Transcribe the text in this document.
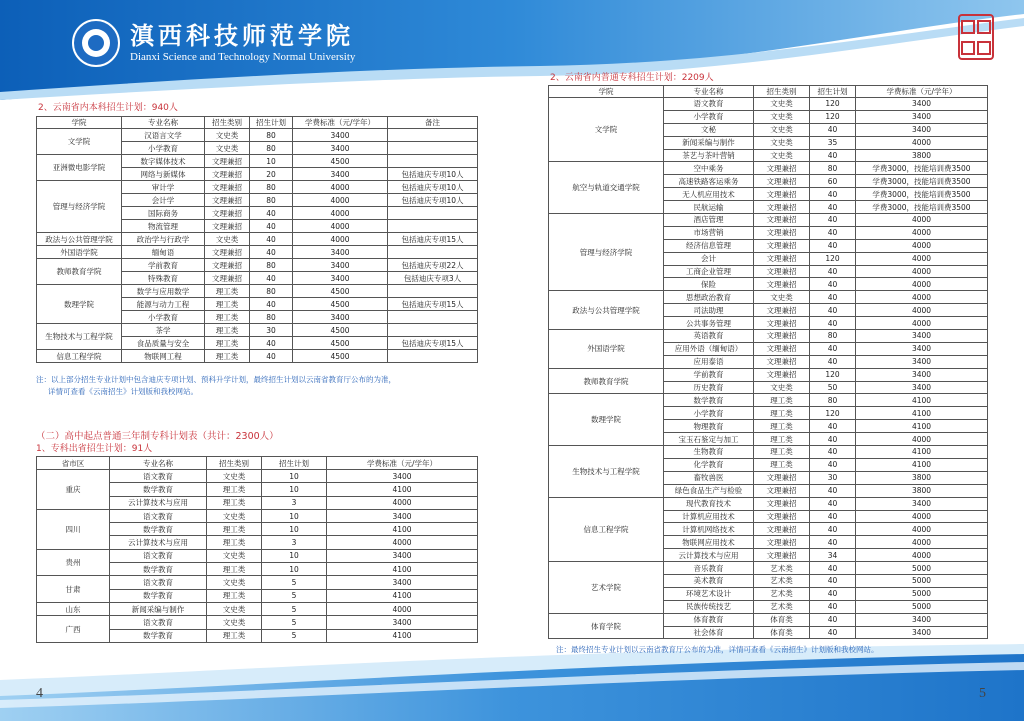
滇西科技师范学院
Dianxi Science and Technology Normal University
2、云南省内本科招生计划：940人
学院	专业名称	招生类别	招生计划	学费标准（元/学年）	备注
文学院	汉语言文学	文史类	80	3400	
	小学教育	文史类	80	3400	
亚洲微电影学院	数字媒体技术	文理兼招	10	4500	
	网络与新媒体	文理兼招	20	3400	包括迪庆专项10人
管理与经济学院	审计学	文理兼招	80	4000	包括迪庆专项10人
	会计学	文理兼招	80	4000	包括迪庆专项10人
	国际商务	文理兼招	40	4000	
	物流管理	文理兼招	40	4000	
政法与公共管理学院	政治学与行政学	文史类	40	4000	包括迪庆专项15人
外国语学院	缅甸语	文理兼招	40	3400	
教师教育学院	学前教育	文理兼招	80	3400	包括迪庆专项22人
	特殊教育	文理兼招	40	3400	包括迪庆专项3人
数理学院	数学与应用数学	理工类	80	4500	
	能源与动力工程	理工类	40	4500	包括迪庆专项15人
	小学教育	理工类	80	3400	
生物技术与工程学院	茶学	理工类	30	4500	
	食品质量与安全	理工类	40	4500	包括迪庆专项15人
信息工程学院	物联网工程	理工类	40	4500	
注：以上部分招生专业计划中包含迪庆专项计划、预科升学计划，最终招生计划以云南省教育厅公布的为准，
详情可查看《云南招生》计划版和我校网站。
（二）高中起点普通三年制专科计划表（共计：2300人）
1、专科出省招生计划：91人
省市区	专业名称	招生类别	招生计划	学费标准（元/学年）
重庆	语文教育	文史类	10	3400
	数学教育	理工类	10	4100
	云计算技术与应用	理工类	3	4000
四川	语文教育	文史类	10	3400
	数学教育	理工类	10	4100
	云计算技术与应用	理工类	3	4000
贵州	语文教育	文史类	10	3400
	数学教育	理工类	10	4100
甘肃	语文教育	文史类	5	3400
	数学教育	理工类	5	4100
山东	新闻采编与制作	文史类	5	4000
广西	语文教育	文史类	5	3400
	数学教育	理工类	5	4100
2、云南省内普通专科招生计划：2209人
学院	专业名称	招生类别	招生计划	学费标准（元/学年）
文学院	语文教育	文史类	120	3400
	小学教育	文史类	120	3400
	文秘	文史类	40	3400
	新闻采编与制作	文史类	35	4000
	茶艺与茶叶营销	文史类	40	3800
航空与轨道交通学院	空中乘务	文理兼招	80	学费3000，技能培训费3500
	高速铁路客运乘务	文理兼招	60	学费3000，技能培训费3500
	无人机应用技术	文理兼招	40	学费3000，技能培训费3500
	民航运输	文理兼招	40	学费3000，技能培训费3500
管理与经济学院	酒店管理	文理兼招	40	4000
	市场营销	文理兼招	40	4000
	经济信息管理	文理兼招	40	4000
	会计	文理兼招	120	4000
	工商企业管理	文理兼招	40	4000
	保险	文理兼招	40	4000
政法与公共管理学院	思想政治教育	文史类	40	4000
	司法助理	文理兼招	40	4000
	公共事务管理	文理兼招	40	4000
外国语学院	英语教育	文理兼招	80	3400
	应用外语（缅甸语）	文理兼招	40	3400
	应用泰语	文理兼招	40	3400
教师教育学院	学前教育	文理兼招	120	3400
	历史教育	文史类	50	3400
数理学院	数学教育	理工类	80	4100
	小学教育	理工类	120	4100
	物理教育	理工类	40	4100
	宝玉石鉴定与加工	理工类	40	4000
生物技术与工程学院	生物教育	理工类	40	4100
	化学教育	理工类	40	4100
	畜牧兽医	文理兼招	30	3800
	绿色食品生产与检验	文理兼招	40	3800
信息工程学院	现代教育技术	文理兼招	40	3400
	计算机应用技术	文理兼招	40	4000
	计算机网络技术	文理兼招	40	4000
	物联网应用技术	文理兼招	40	4000
	云计算技术与应用	文理兼招	34	4000
艺术学院	音乐教育	艺术类	40	5000
	美术教育	艺术类	40	5000
	环境艺术设计	艺术类	40	5000
	民族传统技艺	艺术类	40	5000
体育学院	体育教育	体育类	40	3400
	社会体育	体育类	40	3400
注：最终招生专业计划以云南省教育厅公布的为准，详情可查看《云南招生》计划版和我校网站。
4	5
